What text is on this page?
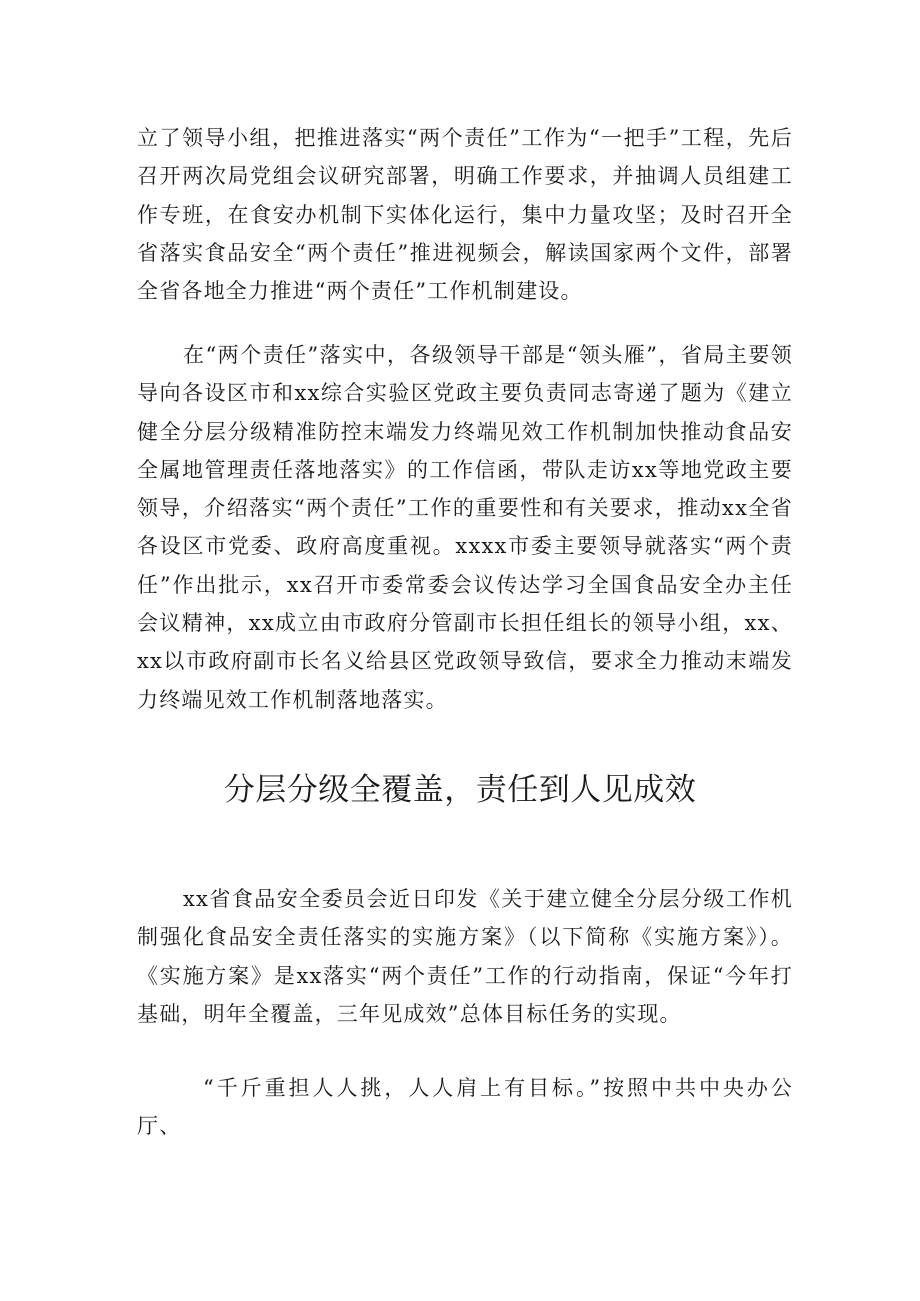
立了领导小组，把推进落实“两个责任”工作为“一把手”工程，先后召开两次局党组会议研究部署，明确工作要求，并抽调人员组建工作专班，在食安办机制下实体化运行，集中力量攻坚；及时召开全省落实食品安全“两个责任”推进视频会，解读国家两个文件，部署全省各地全力推进“两个责任”工作机制建设。

在“两个责任”落实中，各级领导干部是“领头雁”，省局主要领导向各设区市和xx综合实验区党政主要负责同志寄递了题为《建立健全分层分级精准防控末端发力终端见效工作机制加快推动食品安全属地管理责任落地落实》的工作信函，带队走访xx等地党政主要领导，介绍落实“两个责任”工作的重要性和有关要求，推动xx全省各设区市党委、政府高度重视。xxxx市委主要领导就落实“两个责任”作出批示，xx召开市委常委会议传达学习全国食品安全办主任会议精神，xx成立由市政府分管副市长担任组长的领导小组，xx、xx以市政府副市长名义给县区党政领导致信，要求全力推动末端发力终端见效工作机制落地落实。

分层分级全覆盖，责任到人见成效

xx省食品安全委员会近日印发《关于建立健全分层分级工作机制强化食品安全责任落实的实施方案》（以下简称《实施方案》）。《实施方案》是xx落实“两个责任”工作的行动指南，保证“今年打基础，明年全覆盖，三年见成效”总体目标任务的实现。

“千斤重担人人挑，人人肩上有目标。”按照中共中央办公厅、
